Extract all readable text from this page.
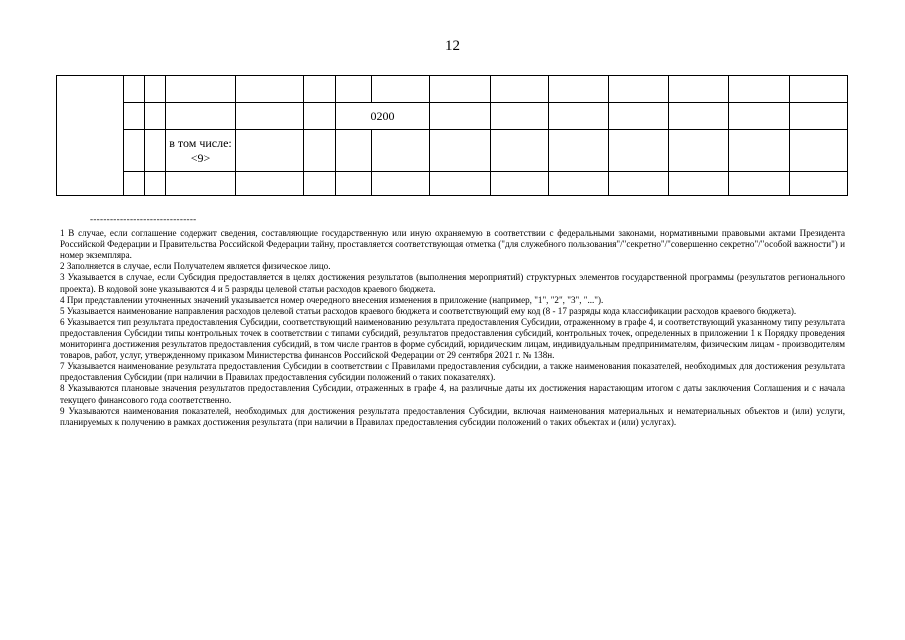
12

						0200								
			в том числе: <9>											

--------------------------------
1 В случае, если соглашение содержит сведения, составляющие государственную или иную охраняемую в соответствии с федеральными законами, нормативными правовыми актами Президента Российской Федерации и Правительства Российской Федерации тайну, проставляется соответствующая отметка ("для служебного пользования"/"секретно"/"совершенно секретно"/"особой важности") и номер экземпляра.
2 Заполняется в случае, если Получателем является физическое лицо.
3 Указывается в случае, если Субсидия предоставляется в целях достижения результатов (выполнения мероприятий) структурных элементов государственной программы (результатов регионального проекта). В кодовой зоне указываются 4 и 5 разряды целевой статьи расходов краевого бюджета.
4 При представлении уточненных значений указывается номер очередного внесения изменения в приложение (например, "1", "2", "3", "...").
5 Указывается наименование направления расходов целевой статьи расходов краевого бюджета и соответствующий ему код (8 - 17 разряды кода классификации расходов краевого бюджета).
6 Указывается тип результата предоставления Субсидии, соответствующий наименованию результата предоставления Субсидии, отраженному в графе 4, и соответствующий указанному типу результата предоставления Субсидии типы контрольных точек в соответствии с типами субсидий, результатов предоставления субсидий, контрольных точек, определенных в приложении 1 к Порядку проведения мониторинга достижения результатов предоставления субсидий, в том числе грантов в форме субсидий, юридическим лицам, индивидуальным предпринимателям, физическим лицам - производителям товаров, работ, услуг, утвержденному приказом Министерства финансов Российской Федерации от 29 сентября 2021 г. № 138н.
7 Указывается наименование результата предоставления Субсидии в соответствии с Правилами предоставления субсидии, а также наименования показателей, необходимых для достижения результата предоставления Субсидии (при наличии в Правилах предоставления субсидии положений о таких показателях).
8 Указываются плановые значения результатов предоставления Субсидии, отраженных в графе 4, на различные даты их достижения нарастающим итогом с даты заключения Соглашения и с начала текущего финансового года соответственно.
9 Указываются наименования показателей, необходимых для достижения результата предоставления Субсидии, включая наименования материальных и нематериальных объектов и (или) услуги, планируемых к получению в рамках достижения результата (при наличии в Правилах предоставления субсидии положений о таких объектах и (или) услугах).
